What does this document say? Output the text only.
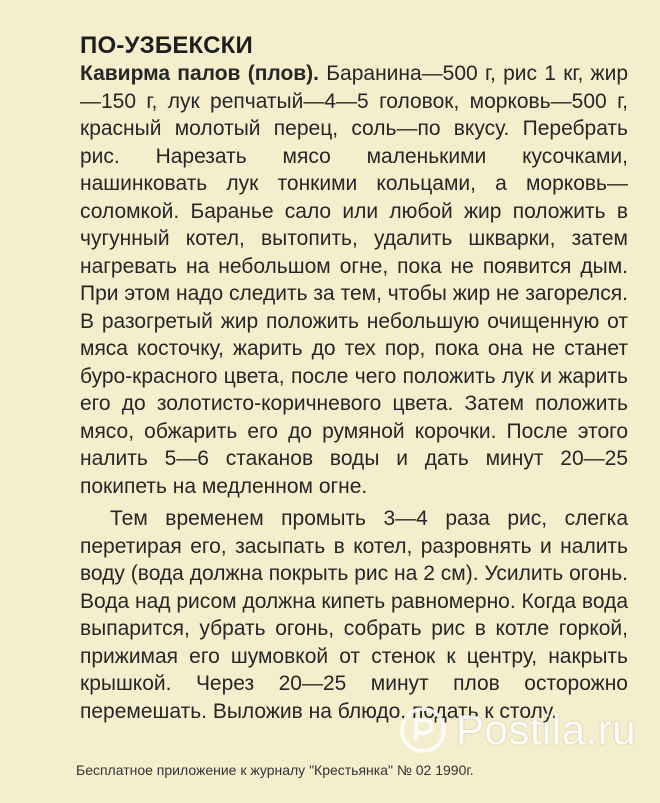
ПО-УЗБЕКСКИ

Кавирма палов (плов). Баранина—500 г, рис 1 кг, жир—150 г, лук репчатый—4—5 головок, морковь—500 г, красный молотый перец, соль—по вкусу. Перебрать рис. Нарезать мясо маленькими кусочками, нашинковать лук тонкими кольцами, а морковь—соломкой. Баранье сало или любой жир положить в чугунный котел, вытопить, удалить шкварки, затем нагревать на небольшом огне, пока не появится дым. При этом надо следить за тем, чтобы жир не загорелся. В разогретый жир положить небольшую очищенную от мяса косточку, жарить до тех пор, пока она не станет буро-красного цвета, после чего положить лук и жарить его до золотисто-коричневого цвета. Затем положить мясо, обжарить его до румяной корочки. После этого налить 5—6 стаканов воды и дать минут 20—25 покипеть на медленном огне.

Тем временем промыть 3—4 раза рис, слегка перетирая его, засыпать в котел, разровнять и налить воду (вода должна покрыть рис на 2 см). Усилить огонь. Вода над рисом должна кипеть равномерно. Когда вода выпарится, убрать огонь, собрать рис в котле горкой, прижимая его шумовкой от стенок к центру, накрыть крышкой. Через 20—25 минут плов осторожно перемешать. Выложив на блюдо, подать к столу.

Бесплатное приложение к журналу "Крестьянка" № 02 1990г.
Postila.ru
